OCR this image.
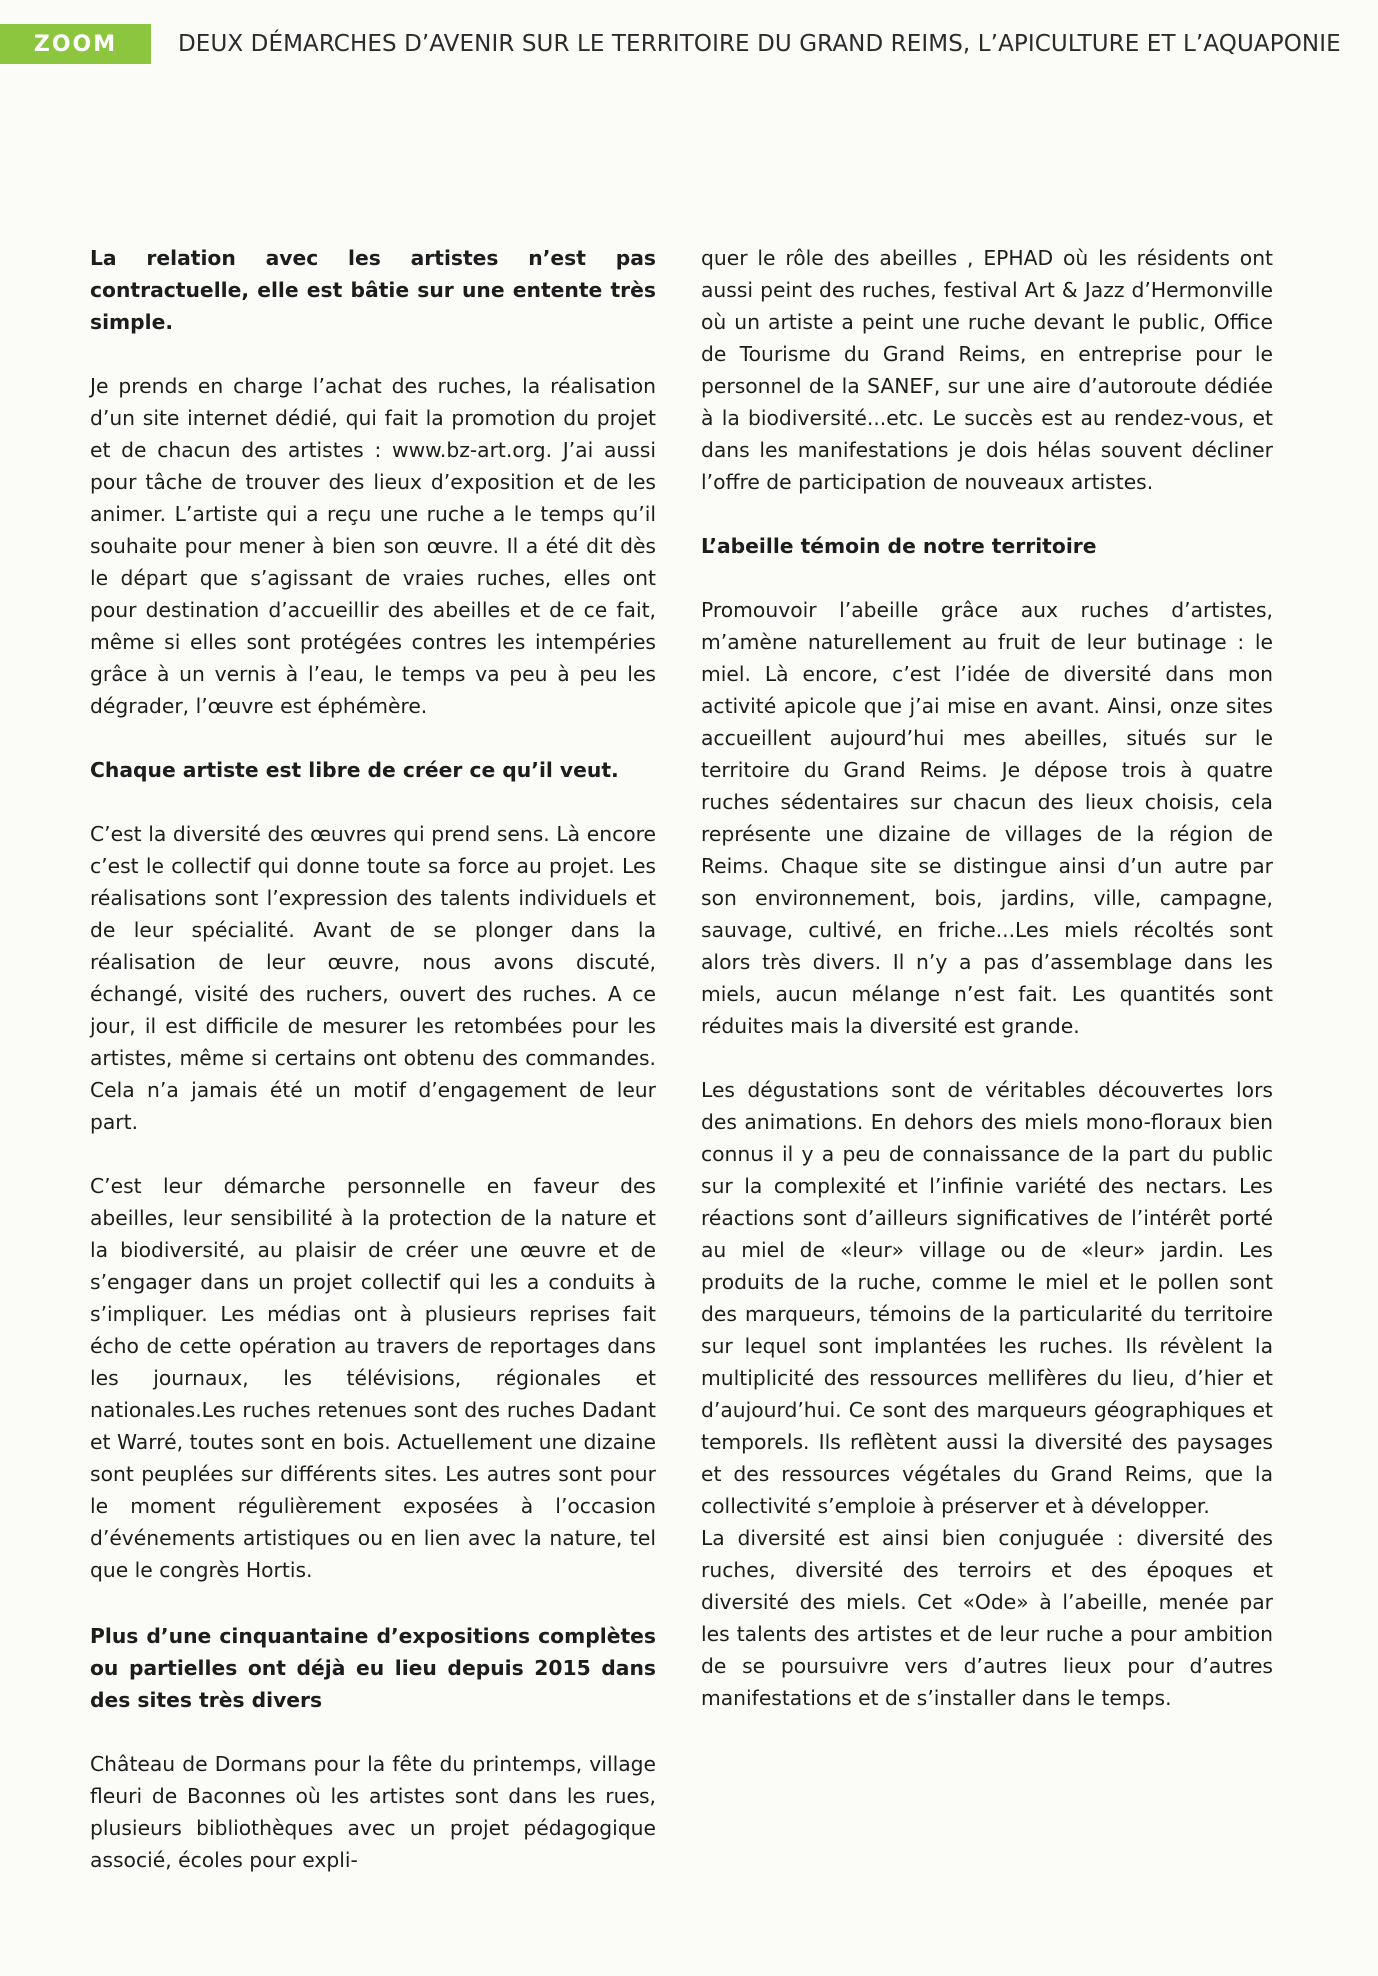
ZOOM	DEUX DÉMARCHES D’AVENIR SUR LE TERRITOIRE DU GRAND REIMS, L’APICULTURE ET L’AQUAPONIE

La relation avec les artistes n’est pas contractuelle, elle est bâtie sur une entente très simple.

Je prends en charge l’achat des ruches, la réalisation d’un site internet dédié, qui fait la promotion du projet et de chacun des artistes : www.bz-art.org. J’ai aussi pour tâche de trouver des lieux d’exposition et de les animer. L’artiste qui a reçu une ruche a le temps qu’il souhaite pour mener à bien son œuvre. Il a été dit dès le départ que s’agissant de vraies ruches, elles ont pour destination d’accueillir des abeilles et de ce fait, même si elles sont protégées contres les intempéries grâce à un vernis à l’eau, le temps va peu à peu les dégrader, l’œuvre est éphémère.

Chaque artiste est libre de créer ce qu’il veut.

C’est la diversité des œuvres qui prend sens. Là encore c’est le collectif qui donne toute sa force au projet. Les réalisations sont l’expression des talents individuels et de leur spécialité. Avant de se plonger dans la réalisation de leur œuvre, nous avons discuté, échangé, visité des ruchers, ouvert des ruches. A ce jour, il est difficile de mesurer les retombées pour les artistes, même si certains ont obtenu des commandes. Cela n’a jamais été un motif d’engagement de leur part.

C’est leur démarche personnelle en faveur des abeilles, leur sensibilité à la protection de la nature et la biodiversité, au plaisir de créer une œuvre et de s’engager dans un projet collectif qui les a conduits à s’impliquer. Les médias ont à plusieurs reprises fait écho de cette opération au travers de reportages dans les journaux, les télévisions, régionales et nationales.Les ruches retenues sont des ruches Dadant et Warré, toutes sont en bois. Actuellement une dizaine sont peuplées sur différents sites. Les autres sont pour le moment régulièrement exposées à l’occasion d’événements artistiques ou en lien avec la nature, tel que le congrès Hortis.

Plus d’une cinquantaine d’expositions complètes ou partielles ont déjà eu lieu depuis 2015 dans des sites très divers

Château de Dormans pour la fête du printemps, village fleuri de Baconnes où les artistes sont dans les rues, plusieurs bibliothèques avec un projet pédagogique associé, écoles pour expli-

quer le rôle des abeilles , EPHAD où les résidents ont aussi peint des ruches, festival Art & Jazz d’Hermonville où un artiste a peint une ruche devant le public, Office de Tourisme du Grand Reims, en entreprise pour le personnel de la SANEF, sur une aire d’autoroute dédiée à la biodiversité...etc. Le succès est au rendez-vous, et dans les manifestations je dois hélas souvent décliner l’offre de participation de nouveaux artistes.

L’abeille témoin de notre territoire

Promouvoir l’abeille grâce aux ruches d’artistes, m’amène naturellement au fruit de leur butinage : le miel. Là encore, c’est l’idée de diversité dans mon activité apicole que j’ai mise en avant. Ainsi, onze sites accueillent aujourd’hui mes abeilles, situés sur le territoire du Grand Reims. Je dépose trois à quatre ruches sédentaires sur chacun des lieux choisis, cela représente une dizaine de villages de la région de Reims. Chaque site se distingue ainsi d’un autre par son environnement, bois, jardins, ville, campagne, sauvage, cultivé, en friche...Les miels récoltés sont alors très divers. Il n’y a pas d’assemblage dans les miels, aucun mélange n’est fait. Les quantités sont réduites mais la diversité est grande.

Les dégustations sont de véritables découvertes lors des animations. En dehors des miels mono-floraux bien connus il y a peu de connaissance de la part du public sur la complexité et l’infinie variété des nectars. Les réactions sont d’ailleurs significatives de l’intérêt porté au miel de «leur» village ou de «leur» jardin. Les produits de la ruche, comme le miel et le pollen sont des marqueurs, témoins de la particularité du territoire sur lequel sont implantées les ruches. Ils révèlent la multiplicité des ressources mellifères du lieu, d’hier et d’aujourd’hui. Ce sont des marqueurs géographiques et temporels. Ils reflètent aussi la diversité des paysages et des ressources végétales du Grand Reims, que la collectivité s’emploie à préserver et à développer.

La diversité est ainsi bien conjuguée : diversité des ruches, diversité des terroirs et des époques et diversité des miels. Cet «Ode» à l’abeille, menée par les talents des artistes et de leur ruche a pour ambition de se poursuivre vers d’autres lieux pour d’autres manifestations et de s’installer dans le temps.
